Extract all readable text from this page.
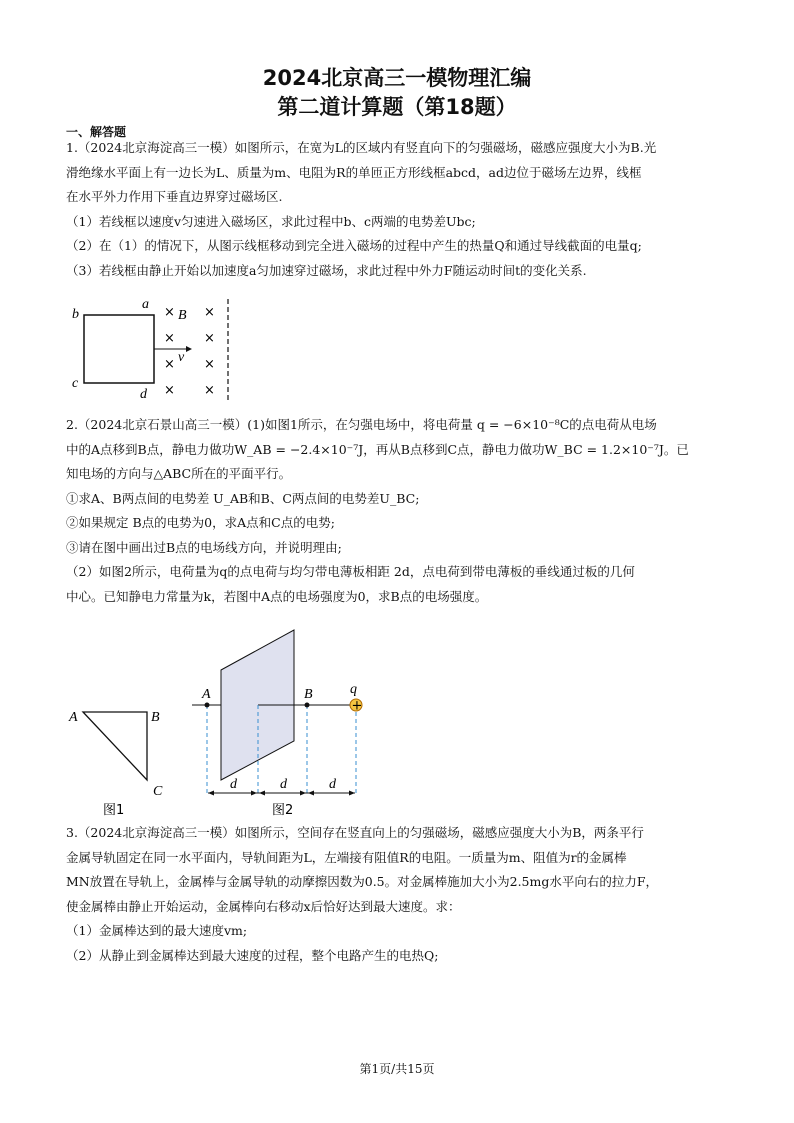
2024北京高三一模物理汇编
第二道计算题（第18题）
一、解答题
1.（2024北京海淀高三一模）如图所示，在宽为L的区域内有竖直向下的匀强磁场，磁感应强度大小为B.光
滑绝缘水平面上有一边长为L、质量为m、电阻为R的单匝正方形线框abcd，ad边位于磁场左边界，线框
在水平外力作用下垂直边界穿过磁场区.
（1）若线框以速度v匀速进入磁场区，求此过程中b、c两端的电势差Ubc;
（2）在（1）的情况下，从图示线框移动到完全进入磁场的过程中产生的热量Q和通过导线截面的电量q;
（3）若线框由静止开始以加速度a匀加速穿过磁场，求此过程中外力F随运动时间t的变化关系.
a
b
c
d
B
v
× ×
× ×
× ×
× ×
2.（2024北京石景山高三一模）(1)如图1所示，在匀强电场中，将电荷量 q = −6×10⁻⁸C的点电荷从电场
中的A点移到B点，静电力做功W_AB = −2.4×10⁻⁷J，再从B点移到C点，静电力做功W_BC = 1.2×10⁻⁷J。已
知电场的方向与△ABC所在的平面平行。
①求A、B两点间的电势差 U_AB和B、C两点间的电势差U_BC;
②如果规定 B点的电势为0，求A点和C点的电势;
③请在图中画出过B点的电场线方向，并说明理由;
（2）如图2所示，电荷量为q的点电荷与均匀带电薄板相距 2d，点电荷到带电薄板的垂线通过板的几何
中心。已知静电力常量为k，若图中A点的电场强度为0，求B点的电场强度。
A	B
C
图1
+
A	B	q
d	d	d
图2
3.（2024北京海淀高三一模）如图所示，空间存在竖直向上的匀强磁场，磁感应强度大小为B，两条平行
金属导轨固定在同一水平面内，导轨间距为L，左端接有阻值R的电阻。一质量为m、阻值为r的金属棒
MN放置在导轨上，金属棒与金属导轨的动摩擦因数为0.5。对金属棒施加大小为2.5mg水平向右的拉力F，
使金属棒由静止开始运动，金属棒向右移动x后恰好达到最大速度。求：
（1）金属棒达到的最大速度vm;
（2）从静止到金属棒达到最大速度的过程，整个电路产生的电热Q;
第1页/共15页
